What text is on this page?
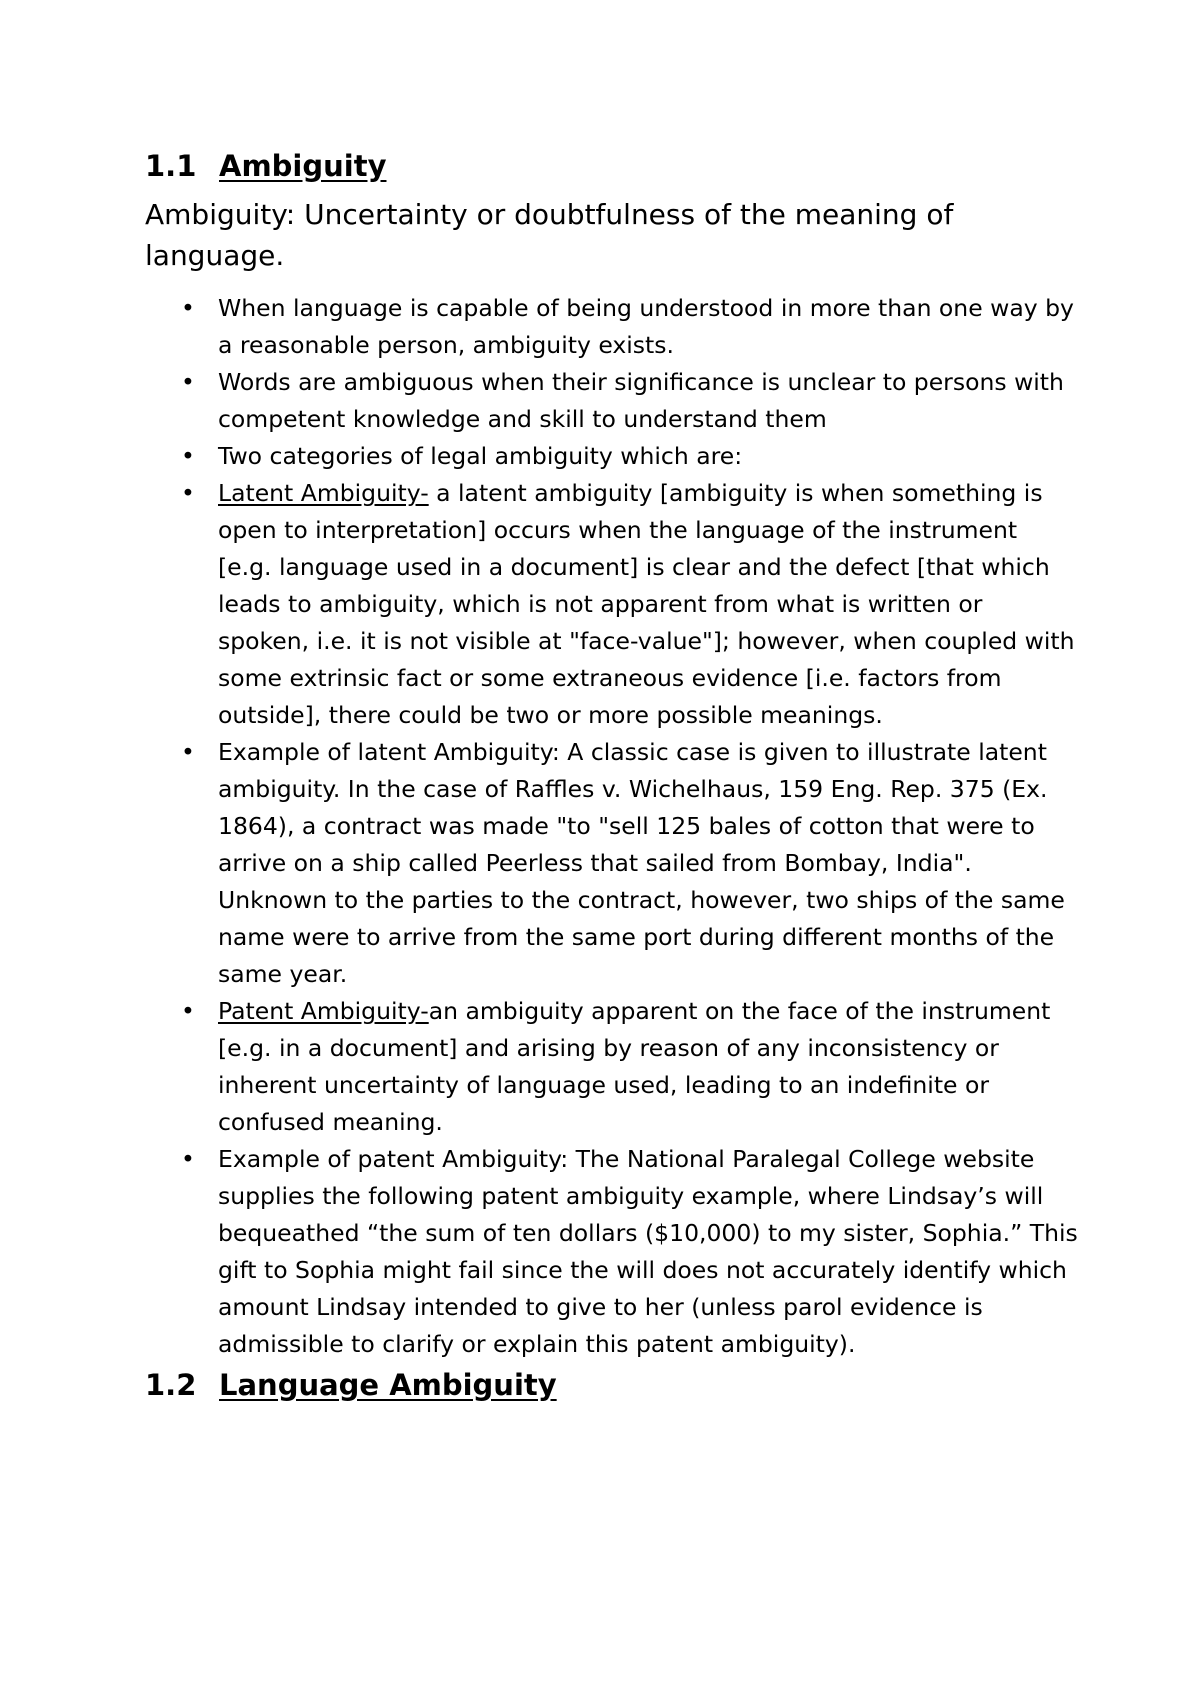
1.1 Ambiguity

Ambiguity: Uncertainty or doubtfulness of the meaning of language.

• When language is capable of being understood in more than one way by a reasonable person, ambiguity exists.
• Words are ambiguous when their significance is unclear to persons with competent knowledge and skill to understand them
• Two categories of legal ambiguity which are:
• Latent Ambiguity- a latent ambiguity [ambiguity is when something is open to interpretation] occurs when the language of the instrument [e.g. language used in a document] is clear and the defect [that which leads to ambiguity, which is not apparent from what is written or spoken, i.e. it is not visible at "face-value"]; however, when coupled with some extrinsic fact or some extraneous evidence [i.e. factors from outside], there could be two or more possible meanings.
• Example of latent Ambiguity: A classic case is given to illustrate latent ambiguity. In the case of Raffles v. Wichelhaus, 159 Eng. Rep. 375 (Ex. 1864), a contract was made "to "sell 125 bales of cotton that were to arrive on a ship called Peerless that sailed from Bombay, India". Unknown to the parties to the contract, however, two ships of the same name were to arrive from the same port during different months of the same year.
• Patent Ambiguity-an ambiguity apparent on the face of the instrument [e.g. in a document] and arising by reason of any inconsistency or inherent uncertainty of language used, leading to an indefinite or confused meaning.
• Example of patent Ambiguity: The National Paralegal College website supplies the following patent ambiguity example, where Lindsay’s will bequeathed “the sum of ten dollars ($10,000) to my sister, Sophia.” This gift to Sophia might fail since the will does not accurately identify which amount Lindsay intended to give to her (unless parol evidence is admissible to clarify or explain this patent ambiguity).
1.2 Language Ambiguity
